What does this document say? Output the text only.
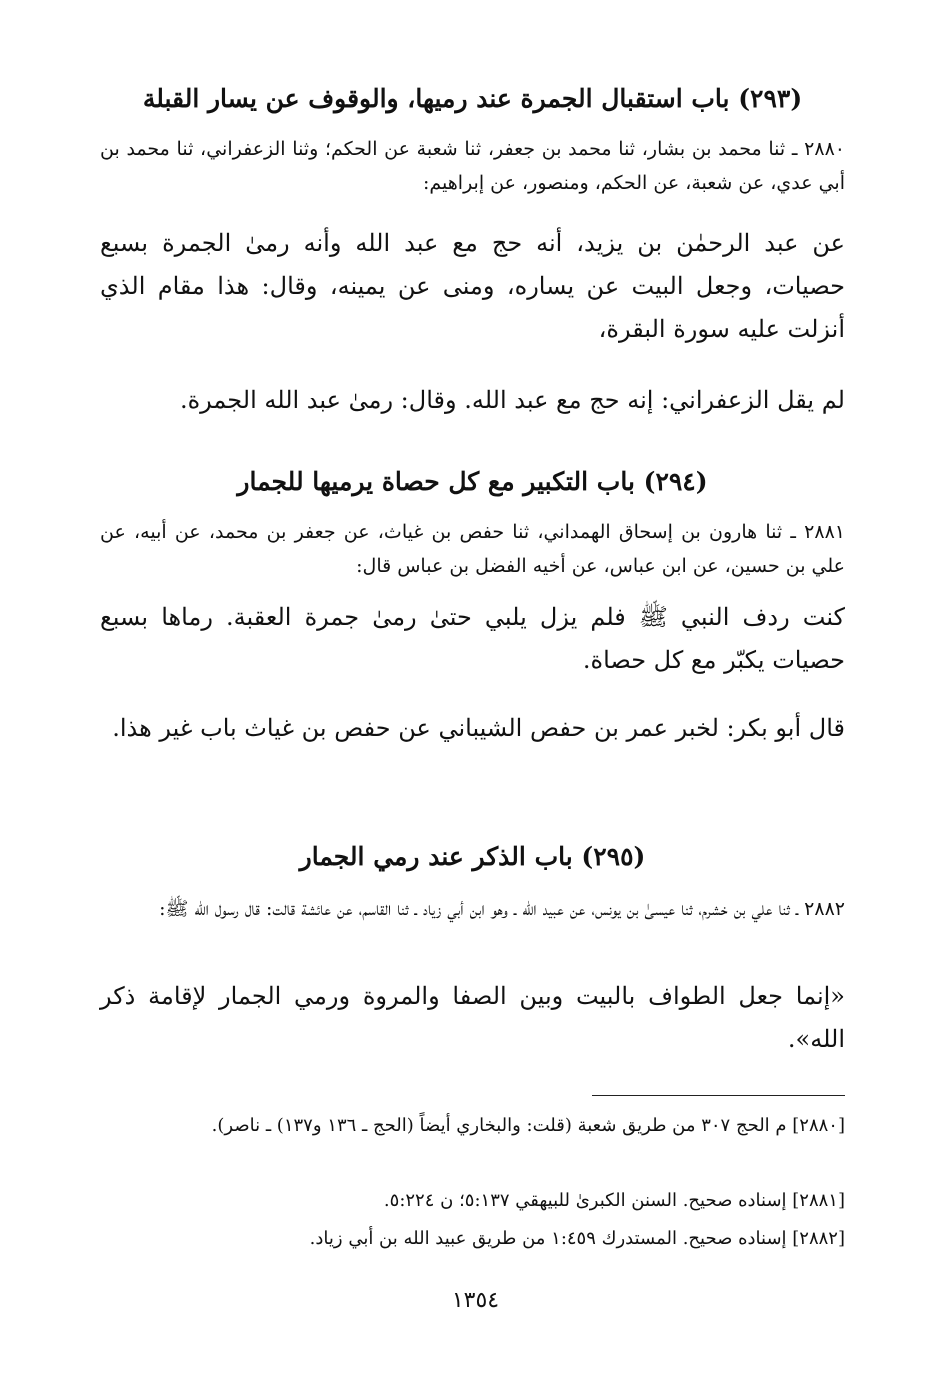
(٢٩٣) باب استقبال الجمرة عند رميها، والوقوف عن يسار القبلة

٢٨٨٠ ـ ثنا محمد بن بشار، ثنا محمد بن جعفر، ثنا شعبة عن الحكم؛ وثنا الزعفراني، ثنا محمد بن أبي عدي، عن شعبة، عن الحكم، ومنصور، عن إبراهيم:

عن عبد الرحمٰن بن يزيد، أنه حج مع عبد الله وأنه رمىٰ الجمرة بسبع حصيات، وجعل البيت عن يساره، ومنى عن يمينه، وقال: هذا مقام الذي أنزلت عليه سورة البقرة،

لم يقل الزعفراني: إنه حج مع عبد الله. وقال: رمىٰ عبد الله الجمرة.

(٢٩٤) باب التكبير مع كل حصاة يرميها للجمار

٢٨٨١ ـ ثنا هارون بن إسحاق الهمداني، ثنا حفص بن غياث، عن جعفر بن محمد، عن أبيه، عن علي بن حسين، عن ابن عباس، عن أخيه الفضل بن عباس قال:

كنت ردف النبي ﷺ فلم يزل يلبي حتىٰ رمىٰ جمرة العقبة. رماها بسبع حصيات يكبّر مع كل حصاة.

قال أبو بكر: لخبر عمر بن حفص الشيباني عن حفص بن غياث باب غير هذا.

(٢٩٥) باب الذكر عند رمي الجمار

٢٨٨٢ ـ ثنا علي بن خشرم، ثنا عيسىٰ بن يونس، عن عبيد الله ـ وهو ابن أبي زياد ـ ثنا القاسم، عن عائشة قالت: قال رسول الله ﷺ:

«إنما جعل الطواف بالبيت وبين الصفا والمروة ورمي الجمار لإقامة ذكر الله».

[٢٨٨٠] م الحج ٣٠٧ من طريق شعبة (قلت: والبخاري أيضاً (الحج ـ ١٣٦ و١٣٧) ـ ناصر).

[٢٨٨١] إسناده صحيح. السنن الكبرىٰ للبيهقي ٥:١٣٧؛ ن ٥:٢٢٤.

[٢٨٨٢] إسناده صحيح. المستدرك ١:٤٥٩ من طريق عبيد الله بن أبي زياد.

١٣٥٤
